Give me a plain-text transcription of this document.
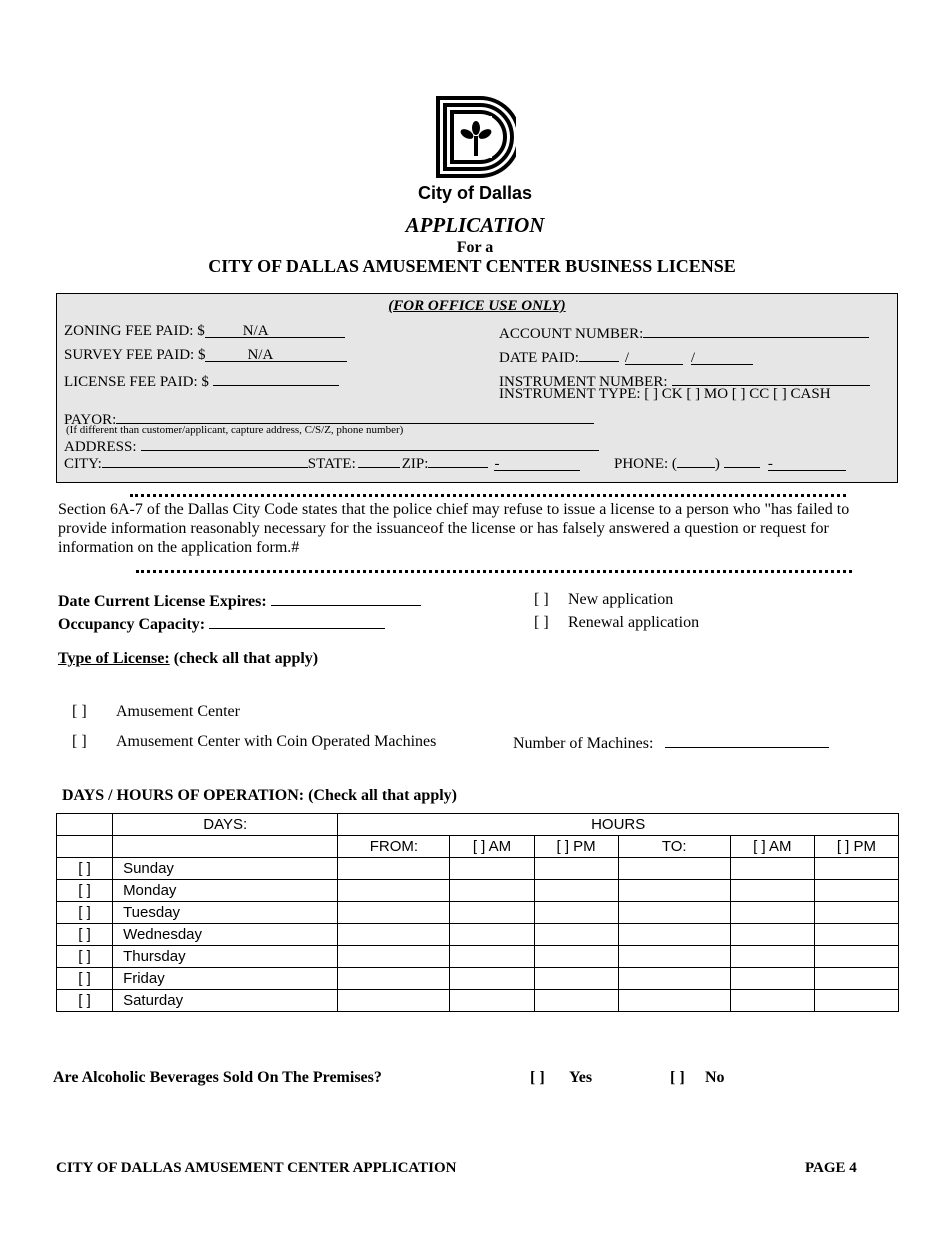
City of Dallas
APPLICATION
For a
CITY OF DALLAS AMUSEMENT CENTER BUSINESS LICENSE
(FOR OFFICE USE ONLY)
ZONING FEE PAID: $	N/A
SURVEY FEE PAID: $	N/A
LICENSE FEE PAID: $
ACCOUNT NUMBER:
DATE PAID:	/	/
INSTRUMENT NUMBER:
INSTRUMENT TYPE: [ ] CK [ ] MO [ ] CC [ ] CASH
PAYOR:
(If different than customer/applicant, capture address, C/S/Z, phone number)
ADDRESS:
CITY:	STATE:	ZIP:	-	PHONE: (	)	-
Section 6A-7 of the Dallas City Code states that the police chief may refuse to issue a license to a person who "has failed to provide information reasonably necessary for the issuanceof the license or has falsely answered a question or request for information on the application form.#
Date Current License Expires:
Occupancy Capacity:
[ ] New application
[ ] Renewal application
Type of License: (check all that apply)
[ ] Amusement Center
[ ] Amusement Center with Coin Operated Machines	Number of Machines:
DAYS / HOURS OF OPERATION: (Check all that apply)
	DAYS:	HOURS					
		FROM:	[ ] AM	[ ] PM	TO:	[ ] AM	[ ] PM
[ ]	Sunday						
[ ]	Monday						
[ ]	Tuesday						
[ ]	Wednesday						
[ ]	Thursday						
[ ]	Friday						
[ ]	Saturday						
Are Alcoholic Beverages Sold On The Premises?	[ ] Yes	[ ] No
CITY OF DALLAS AMUSEMENT CENTER APPLICATION	PAGE 4
